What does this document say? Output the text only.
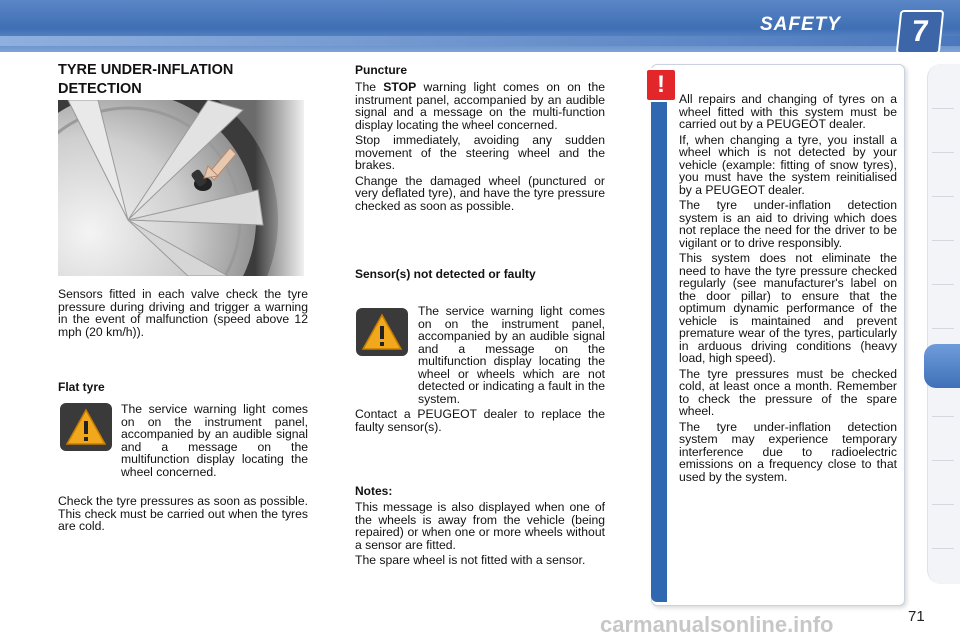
SAFETY	7
TYRE UNDER-INFLATION DETECTION
Sensors fitted in each valve check the tyre pressure during driving and trigger a warning in the event of malfunction (speed above 12 mph (20 km/h)).
Flat tyre
The service warning light comes on on the instrument panel, accompanied by an audible signal and a message on the multifunction display locating the wheel concerned.
Check the tyre pressures as soon as possible. This check must be carried out when the tyres are cold.
Puncture

The STOP warning light comes on on the instrument panel, accompanied by an audible signal and a message on the multi-function display locating the wheel concerned.

Stop immediately, avoiding any sudden movement of the steering wheel and the brakes.

Change the damaged wheel (punctured or very deflated tyre), and have the tyre pressure checked as soon as possible.

Sensor(s) not detected or faulty

The service warning light comes on on the instrument panel, accompanied by an audible signal and a message on the multifunction display locating the wheel or wheels which are not detected or indicating a fault in the system.

Contact a PEUGEOT dealer to replace the faulty sensor(s).

Notes:

This message is also displayed when one of the wheels is away from the vehicle (being repaired) or when one or more wheels without a sensor are fitted.

The spare wheel is not fitted with a sensor.

!

All repairs and changing of tyres on a wheel fitted with this system must be carried out by a PEUGEOT dealer.

If, when changing a tyre, you install a wheel which is not detected by your vehicle (example: fitting of snow tyres), you must have the system reinitialised by a PEUGEOT dealer.

The tyre under-inflation detection system is an aid to driving which does not replace the need for the driver to be vigilant or to drive responsibly.

This system does not eliminate the need to have the tyre pressure checked regularly (see manufacturer's label on the door pillar) to ensure that the optimum dynamic performance of the vehicle is maintained and prevent premature wear of the tyres, particularly in arduous driving conditions (heavy load, high speed).

The tyre pressures must be checked cold, at least once a month. Remember to check the pressure of the spare wheel.

The tyre under-inflation detection system may experience temporary interference due to radioelectric emissions on a frequency close to that used by the system.

carmanualsonline.info	71
